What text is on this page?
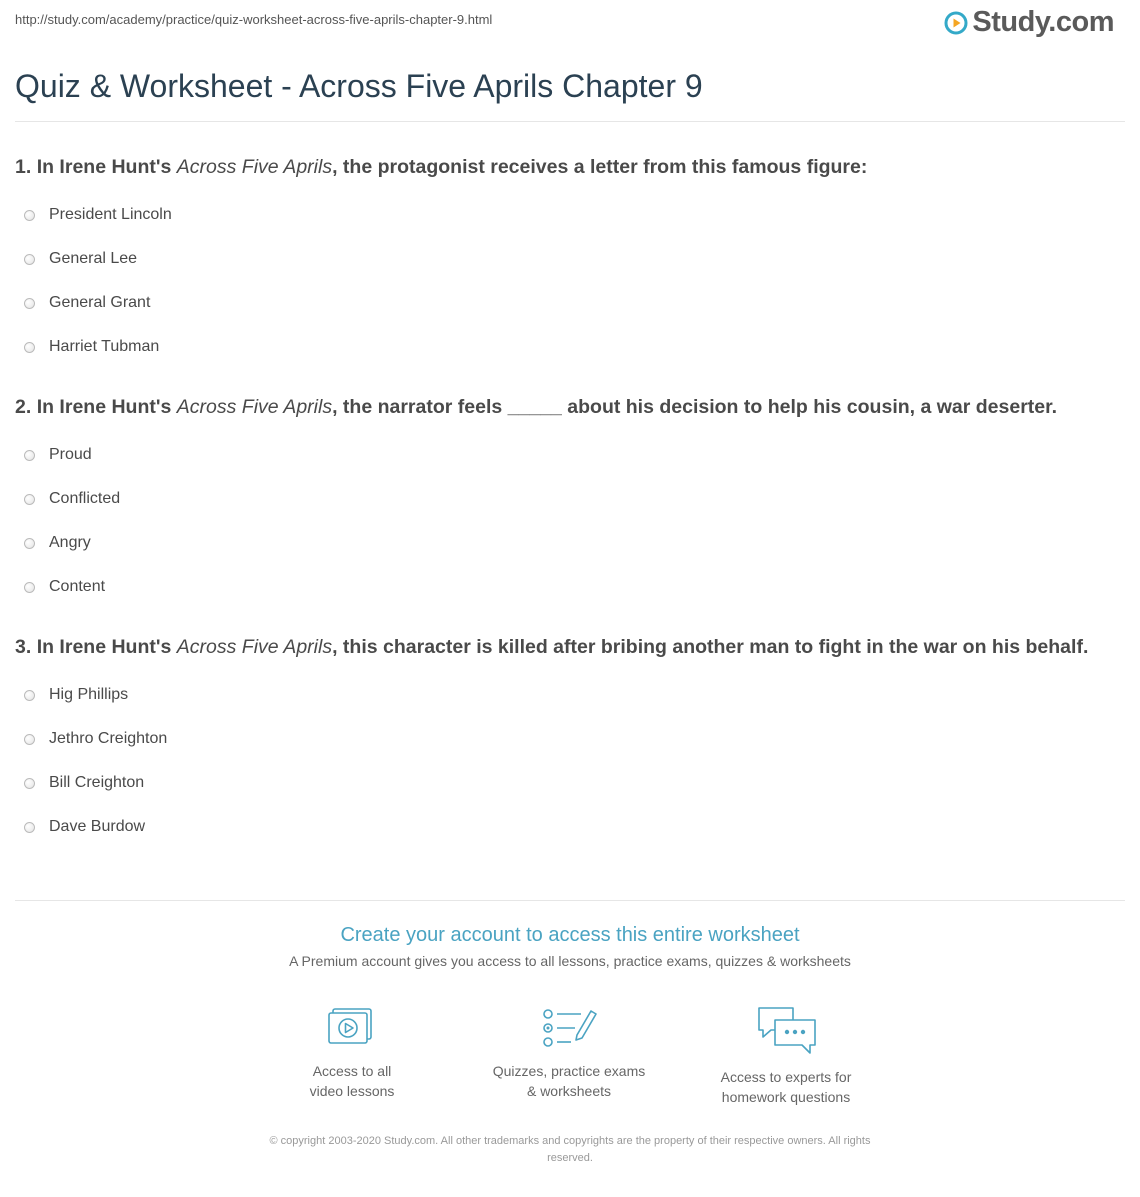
http://study.com/academy/practice/quiz-worksheet-across-five-aprils-chapter-9.html	Study.com
Quiz & Worksheet - Across Five Aprils Chapter 9

1. In Irene Hunt's Across Five Aprils, the protagonist receives a letter from this famous figure:

President Lincoln
General Lee
General Grant
Harriet Tubman

2. In Irene Hunt's Across Five Aprils, the narrator feels _____ about his decision to help his cousin, a war deserter.

Proud
Conflicted
Angry
Content

3. In Irene Hunt's Across Five Aprils, this character is killed after bribing another man to fight in the war on his behalf.

Hig Phillips
Jethro Creighton
Bill Creighton
Dave Burdow

Create your account to access this entire worksheet

A Premium account gives you access to all lessons, practice exams, quizzes & worksheets
Access to all
video lessons
Quizzes, practice exams
& worksheets
Access to experts for
homework questions
© copyright 2003-2020 Study.com. All other trademarks and copyrights are the property of their respective owners. All rights
reserved.
